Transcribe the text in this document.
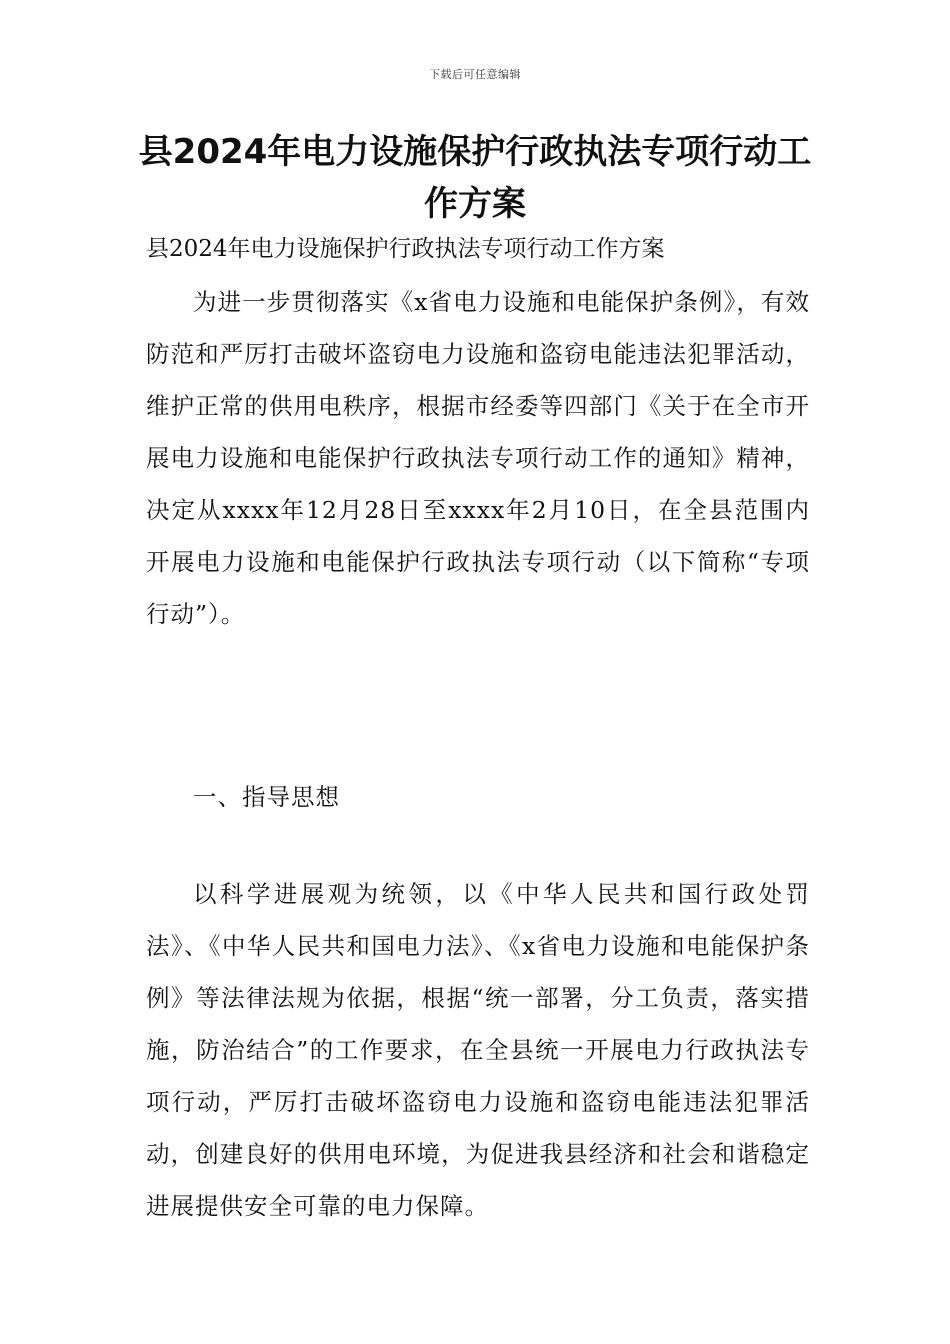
下载后可任意编辑
县2024年电力设施保护行政执法专项行动工作方案
县2024年电力设施保护行政执法专项行动工作方案
为进一步贯彻落实《x省电力设施和电能保护条例》，有效防范和严厉打击破坏盗窃电力设施和盗窃电能违法犯罪活动，维护正常的供用电秩序，根据市经委等四部门《关于在全市开展电力设施和电能保护行政执法专项行动工作的通知》精神，决定从xxxx年12月28日至xxxx年2月10日，在全县范围内开展电力设施和电能保护行政执法专项行动（以下简称“专项行动”）。
一、指导思想
以科学进展观为统领，以《中华人民共和国行政处罚法》、《中华人民共和国电力法》、《x省电力设施和电能保护条例》等法律法规为依据，根据“统一部署，分工负责，落实措施，防治结合”的工作要求，在全县统一开展电力行政执法专项行动，严厉打击破坏盗窃电力设施和盗窃电能违法犯罪活动，创建良好的供用电环境，为促进我县经济和社会和谐稳定进展提供安全可靠的电力保障。
